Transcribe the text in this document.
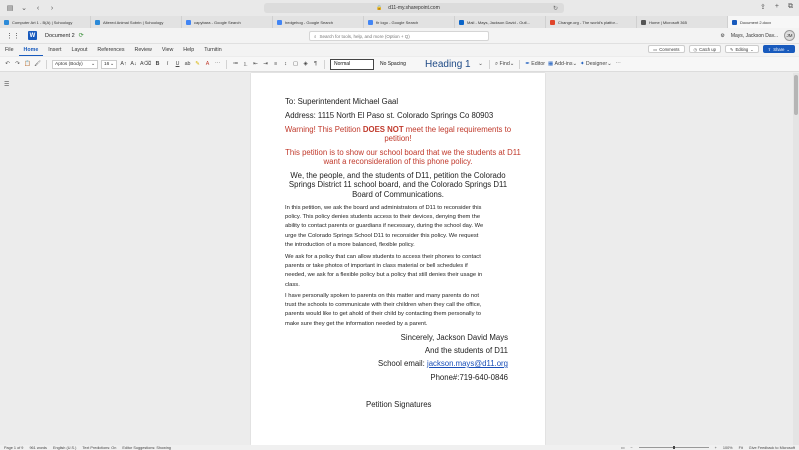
▤ ⌄	‹	›	🔒 d11-my.sharepoint.com	↻	⇪ + ⧉
Computer Art 1 - B(A) | Schoology	Altered Animal Sobrin | Schoology	capybara - Google Search	hedgehog - Google Search	fir logo - Google Search	Mail - Mays, Jackson David - Outl...	Change.org - The world's platfor...	Home | Microsoft 365	Document 2.docx
⋮⋮ W	Document 2 ⟳	⌕ Search for tools, help, and more (Option + Q)	⚙ Mays, Jackson Dav...	JM
File	Home	Insert	Layout	References	Review	View	Help	Turnitin	▭ Comments	◷ Catch up	✎ Editing ⌄	⇪ Share ⌄
↶ ↷ 📋 🖌	Aptos (Body) ⌄ 16 ⌄ A↑ A↓ A⌫ B	I	U ab ✎	A	⋯ ≔ ⒈ ⇤ ⇥	≡	↕	▢ ◈	¶	Normal	No Spacing	Heading 1	⌄ ⌕
Find ⌄ ✒
Editor ▦
Add-ins ⌄ ✦
Designer ⌄ ⋯
☰
To: Superintendent Michael Gaal
Address: 1115 North El Paso st. Colorado Springs Co 80903
Warning! This Petition DOES NOT meet the legal requirements to
petition!
This petition is to show our school board that we the students at D11
want a reconsideration of this phone policy.
We, the people, and the students of D11, petition the Colorado
Springs District 11 school board, and the Colorado Springs D11
Board of Communications.
In this petition, we ask the board and administrators of D11 to reconsider this
policy. This policy denies students access to their devices, denying them the
ability to contact parents or guardians if necessary, during the school day. We
urge the Colorado Springs School D11 to reconsider this policy. We request
the introduction of a more balanced, flexible policy.
We ask for a policy that can allow students to access their phones to contact
parents or take photos of important in class material or bell schedules if
needed, we ask for a flexible policy but a policy that still denies their usage in
class.
I have personally spoken to parents on this matter and many parents do not
trust the schools to communicate with their children when they call the office,
parents would like to get ahold of their child by contacting them personally to
make sure they get the information needed by a parent.
Sincerely, Jackson David Mays
And the students of D11
School email: jackson.mays@d11.org
Phone#:719-640-0846
Petition Signatures
Page 1 of 9 961 words English (U.S.) Text Predictions: On Editor Suggestions: Showing	▭ −	+ 100% Fit Give Feedback to Microsoft
